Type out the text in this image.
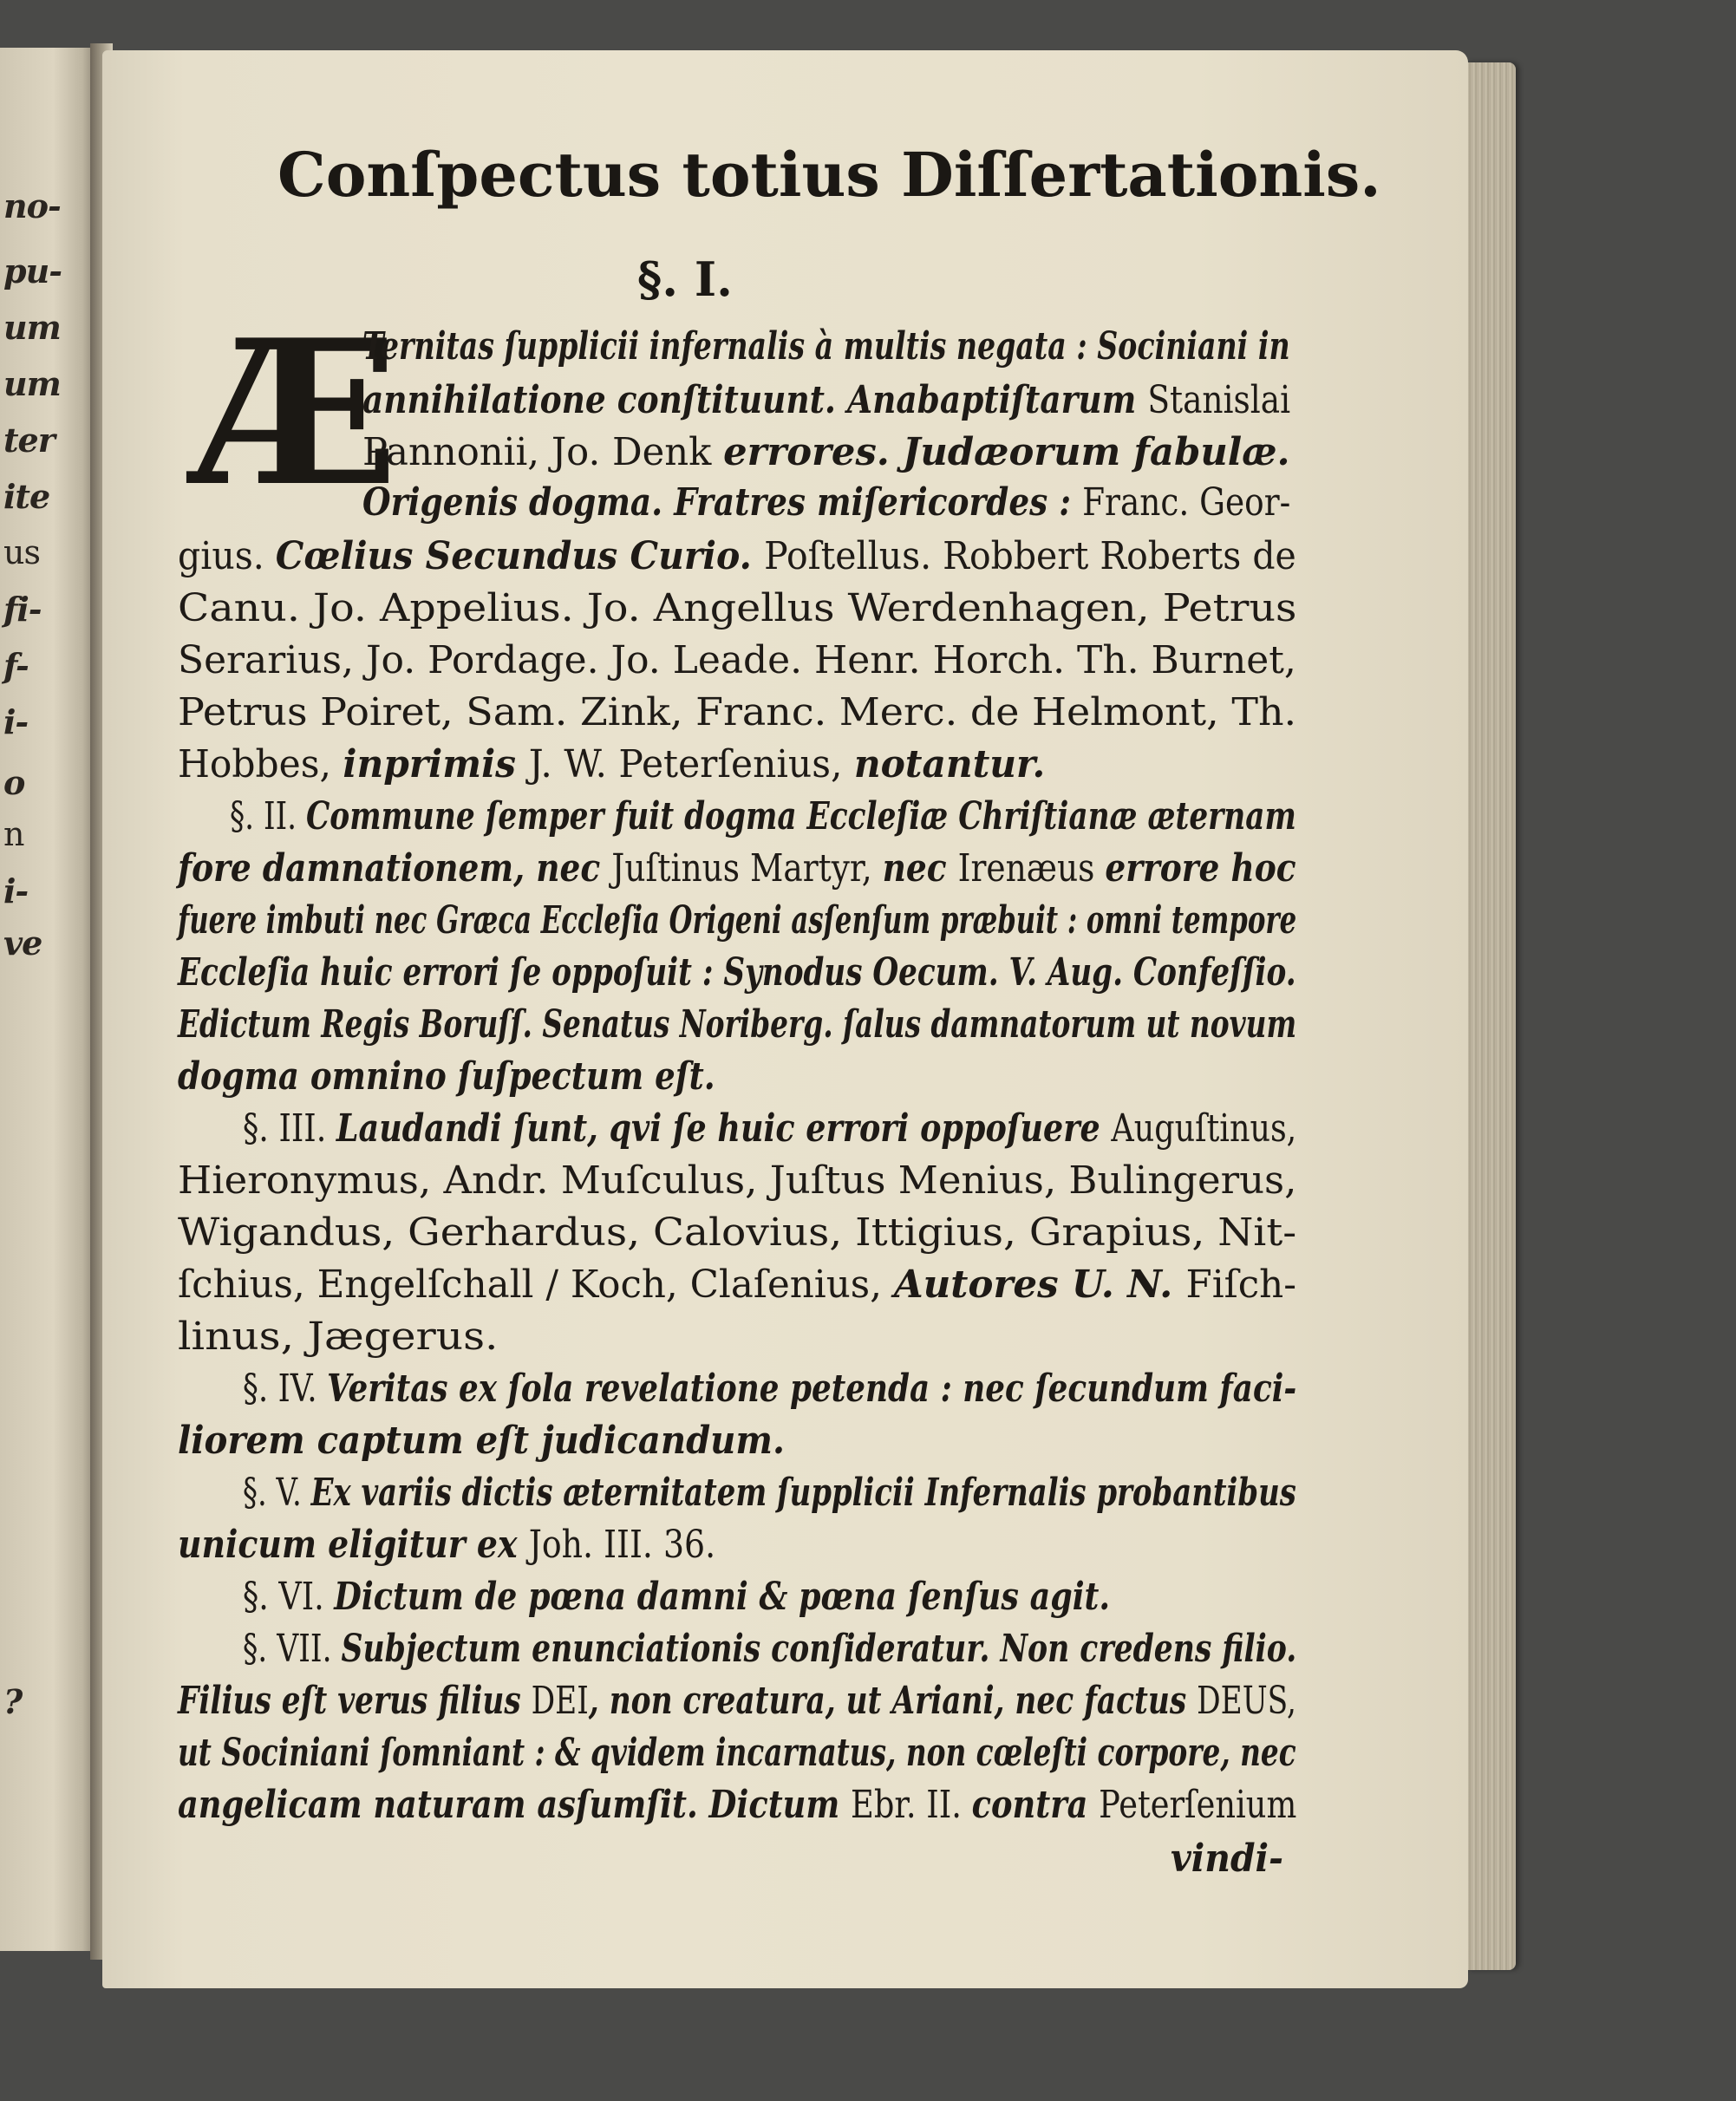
no-
pu-
um
um
ter
ite
us
fi-
f-
i-
o
n
i-
ve
?
Conſpectus totius Diſſertationis.
§. I.
Æ
Ternitas ſupplicii infernalis à multis negata : Sociniani in
annihilatione conſtituunt. Anabaptiſtarum Stanislai
Pannonii, Jo. Denk errores. Judæorum fabulæ.
Origenis dogma. Fratres miſericordes : Franc. Geor-
gius. Cœlius Secundus Curio. Poſtellus. Robbert Roberts de
Canu. Jo. Appelius. Jo. Angellus Werdenhagen, Petrus
Serarius, Jo. Pordage. Jo. Leade. Henr. Horch. Th. Burnet,
Petrus Poiret, Sam. Zink, Franc. Merc. de Helmont, Th.
Hobbes, inprimis J. W. Peterſenius, notantur.
§. II. Commune ſemper fuit dogma Eccleſiæ Chriſtianæ æternam
fore damnationem, nec Juſtinus Martyr, nec Irenæus errore hoc
fuere imbuti nec Græca Eccleſia Origeni asſenſum præbuit : omni tempore
Eccleſia huic errori ſe oppoſuit : Synodus Oecum. V. Aug. Confeſſio.
Edictum Regis Boruſſ. Senatus Noriberg. ſalus damnatorum ut novum
dogma omnino ſuſpectum eſt.
§. III. Laudandi ſunt, qvi ſe huic errori oppoſuere Auguſtinus,
Hieronymus, Andr. Muſculus, Juſtus Menius, Bulingerus,
Wigandus, Gerhardus, Calovius, Ittigius, Grapius, Nit-
ſchius, Engelſchall / Koch, Claſenius, Autores U. N. Fiſch-
linus, Jægerus.
§. IV. Veritas ex ſola revelatione petenda : nec ſecundum faci-
liorem captum eſt judicandum.
§. V. Ex variis dictis æternitatem ſupplicii Infernalis probantibus
unicum eligitur ex Joh. III. 36.
§. VI. Dictum de pœna damni & pœna ſenſus agit.
§. VII. Subjectum enunciationis conſideratur. Non credens filio.
Filius eſt verus filius DEI, non creatura, ut Ariani, nec factus DEUS,
ut Sociniani ſomniant : & qvidem incarnatus, non cœleſti corpore, nec
angelicam naturam asſumſit. Dictum Ebr. II. contra Peterſenium
vindi-
